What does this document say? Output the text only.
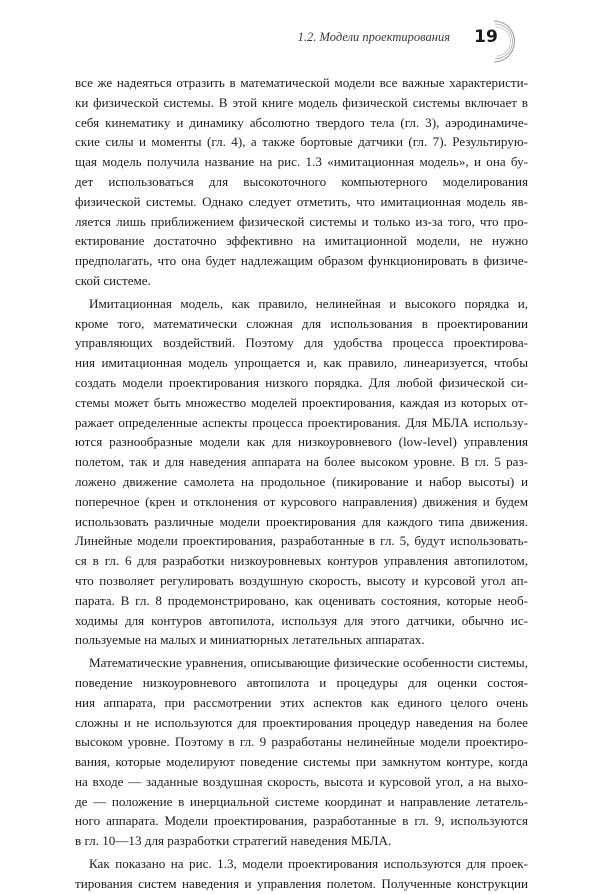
1.2. Модели проектирования	19
все же надеяться отразить в математической модели все важные характеристи-
ки физической системы. В этой книге модель физической системы включает в
себя кинематику и динамику абсолютно твердого тела (гл. 3), аэродинамиче-
ские силы и моменты (гл. 4), а также бортовые датчики (гл. 7). Результирую-
щая модель получила название на рис. 1.3 «имитационная модель», и она бу-
дет использоваться для высокоточного компьютерного моделирования
физической системы. Однако следует отметить, что имитационная модель яв-
ляется лишь приближением физической системы и только из-за того, что про-
ектирование достаточно эффективно на имитационной модели, не нужно
предполагать, что она будет надлежащим образом функционировать в физиче-
ской системе.
Имитационная модель, как правило, нелинейная и высокого порядка и,
кроме того, математически сложная для использования в проектировании
управляющих воздействий. Поэтому для удобства процесса проектирова-
ния имитационная модель упрощается и, как правило, линеаризуется, чтобы
создать модели проектирования низкого порядка. Для любой физической си-
стемы может быть множество моделей проектирования, каждая из которых от-
ражает определенные аспекты процесса проектирования. Для МБЛА использу-
ются разнообразные модели как для низкоуровневого (low-level) управления
полетом, так и для наведения аппарата на более высоком уровне. В гл. 5 раз-
ложено движение самолета на продольное (пикирование и набор высоты) и
поперечное (крен и отклонения от курсового направления) движения и будем
использовать различные модели проектирования для каждого типа движения.
Линейные модели проектирования, разработанные в гл. 5, будут использовать-
ся в гл. 6 для разработки низкоуровневых контуров управления автопилотом,
что позволяет регулировать воздушную скорость, высоту и курсовой угол ап-
парата. В гл. 8 продемонстрировано, как оценивать состояния, которые необ-
ходимы для контуров автопилота, используя для этого датчики, обычно ис-
пользуемые на малых и миниатюрных летательных аппаратах.
Математические уравнения, описывающие физические особенности системы,
поведение низкоуровневого автопилота и процедуры для оценки состоя-
ния аппарата, при рассмотрении этих аспектов как единого целого очень
сложны и не используются для проектирования процедур наведения на более
высоком уровне. Поэтому в гл. 9 разработаны нелинейные модели проектиро-
вания, которые моделируют поведение системы при замкнутом контуре, когда
на входе — заданные воздушная скорость, высота и курсовой угол, а на выхо-
де — положение в инерциальной системе координат и направление летатель-
ного аппарата. Модели проектирования, разработанные в гл. 9, используются
в гл. 10—13 для разработки стратегий наведения МБЛА.
Как показано на рис. 1.3, модели проектирования используются для проек-
тирования систем наведения и управления полетом. Полученные конструкции
